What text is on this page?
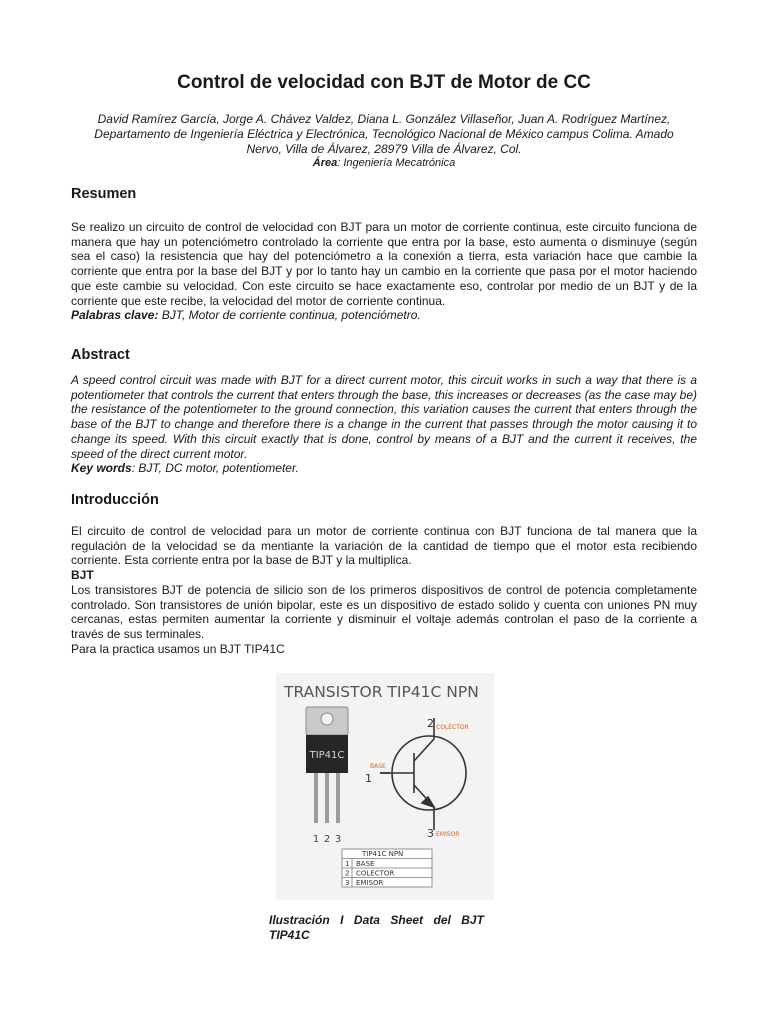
Control de velocidad con BJT de Motor de CC
David Ramírez García, Jorge A. Chávez Valdez, Diana L. González Villaseñor, Juan A. Rodríguez Martínez,
Departamento de Ingeniería Eléctrica y Electrónica, Tecnológico Nacional de México campus Colima. Amado
Nervo, Villa de Álvarez, 28979 Villa de Álvarez, Col.
Área: Ingeniería Mecatrónica
Resumen
Se realizo un circuito de control de velocidad con BJT para un motor de corriente continua, este circuito funciona de manera que hay un potenciómetro controlado la corriente que entra por la base, esto aumenta o disminuye (según sea el caso) la resistencia que hay del potenciómetro a la conexión a tierra, esta variación hace que cambie la corriente que entra por la base del BJT y por lo tanto hay un cambio en la corriente que pasa por el motor haciendo que este cambie su velocidad. Con este circuito se hace exactamente eso, controlar por medio de un BJT y de la corriente que este recibe, la velocidad del motor de corriente continua.
Palabras clave: BJT, Motor de corriente continua, potenciómetro.
Abstract
A speed control circuit was made with BJT for a direct current motor, this circuit works in such a way that there is a potentiometer that controls the current that enters through the base, this increases or decreases (as the case may be) the resistance of the potentiometer to the ground connection, this variation causes the current that enters through the base of the BJT to change and therefore there is a change in the current that passes through the motor causing it to change its speed. With this circuit exactly that is done, control by means of a BJT and the current it receives, the speed of the direct current motor.
Key words: BJT, DC motor, potentiometer.
Introducción
El circuito de control de velocidad para un motor de corriente continua con BJT funciona de tal manera que la regulación de la velocidad se da mentiante la variación de la cantidad de tiempo que el motor esta recibiendo corriente. Esta corriente entra por la base de BJT y la multiplica.
BJT
Los transistores BJT de potencia de silicio son de los primeros dispositivos de control de potencia completamente controlado. Son transistores de unión bipolar, este es un dispositivo de estado solido y cuenta con uniones PN muy cercanas, estas permiten aumentar la corriente y disminuir el voltaje además controlan el paso de la corriente a través de sus terminales.
Para la practica usamos un BJT TIP41C
TRANSISTOR TIP41C NPN
TIP41C
1 2 3
2 COLECTOR
BASE
1
3 EMISOR
TIP41C NPN
1 BASE
2 COLECTOR
3 EMISOR
Ilustración I Data Sheet del BJT
TIP41C
